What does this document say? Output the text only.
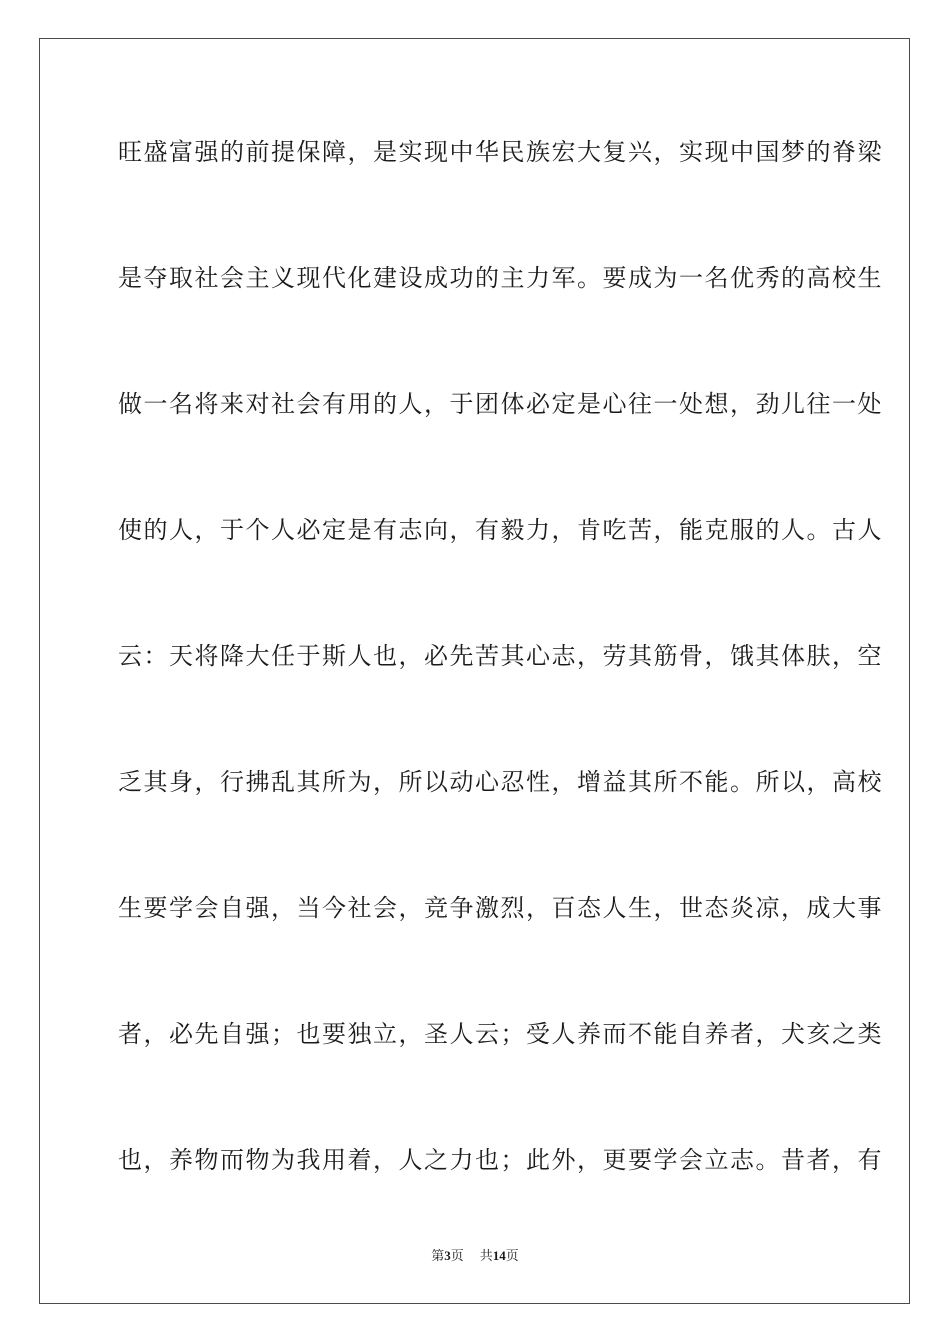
旺盛富强的前提保障，是实现中华民族宏大复兴，实现中国梦的脊梁
是夺取社会主义现代化建设成功的主力军。要成为一名优秀的高校生
做一名将来对社会有用的人，于团体必定是心往一处想，劲儿往一处
使的人，于个人必定是有志向，有毅力，肯吃苦，能克服的人。古人
云：天将降大任于斯人也，必先苦其心志，劳其筋骨，饿其体肤，空
乏其身，行拂乱其所为，所以动心忍性，增益其所不能。所以，高校
生要学会自强，当今社会，竞争激烈，百态人生，世态炎凉，成大事
者，必先自强；也要独立，圣人云；受人养而不能自养者，犬亥之类
也，养物而物为我用着，人之力也；此外，更要学会立志。昔者，有
第3页 共14页
